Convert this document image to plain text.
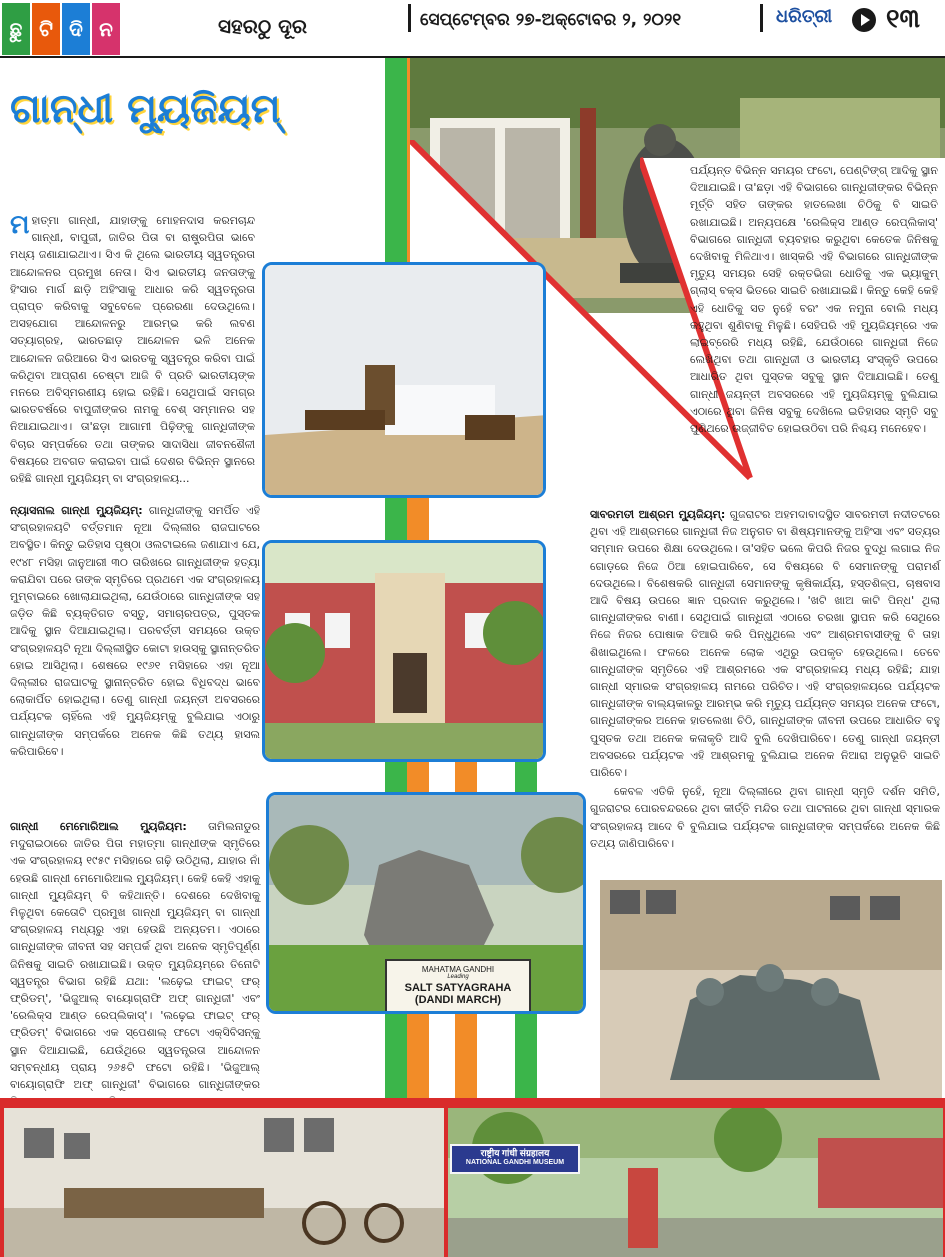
ଛୁ ଟି ଦି ନ	ସହରଠୁ ଦୂର	ସେପ୍ଟେମ୍ବର ୨୭-ଅକ୍ଟୋବର ୨, ୨୦୨୧	ଧରିତ୍ରୀ ୧୩
ଗାନ୍ଧୀ ମ୍ୟୁଜିୟମ୍
ମ ହାତ୍ମା ଗାନ୍ଧୀ, ଯାହାଙ୍କୁ ମୋହନଦାସ କରମଚାନ୍ଦ ଗାନ୍ଧୀ, ବାପୁଜୀ, ଜାତିର ପିତା ବା ରାଷ୍ଟ୍ରପିତା ଭାବେ ମଧ୍ୟ ଜଣାଯାଇଥାଏ। ସିଏ କି ଥିଲେ ଭାରତୀୟ ସ୍ୱତନ୍ତ୍ରତା ଆନ୍ଦୋଳନର ପ୍ରମୁଖ ନେତା। ସିଏ ଭାରତୀୟ ଜନତାଙ୍କୁ ହିଂସାର ମାର୍ଗ ଛାଡ଼ି ଅହିଂସାକୁ ଆଧାର କରି ସ୍ୱତନ୍ତ୍ରତା ପ୍ରାପ୍ତ କରିବାକୁ ସବୁବେଳେ ପ୍ରେରଣା ଦେଉଥିଲେ। ଅସହଯୋଗ ଆନ୍ଦୋଳନରୁ ଆରମ୍ଭ କରି ଲବଣ ସତ୍ୟାଗ୍ରହ, ଭାରତଛାଡ଼ ଆନ୍ଦୋଳନ ଭଳି ଅନେକ ଆନ୍ଦୋଳନ ଜରିଆରେ ସିଏ ଭାରତକୁ ସ୍ୱତନ୍ତ୍ର କରିବା ପାଇଁ କରିଥିବା ଆପ୍ରାଣ ଚେଷ୍ଟା ଆଜି ବି ପ୍ରତି ଭାରତୀୟଙ୍କ ମନରେ ଅବିସ୍ମରଣୀୟ ହୋଇ ରହିଛି। ସେଥିପାଇଁ ସମଗ୍ର ଭାରତବର୍ଷରେ ବାପୁଜୀଙ୍କର ନାମକୁ ବେଶ୍ ସମ୍ମାନର ସହ ନିଆଯାଇଥାଏ। ତା'ଛଡ଼ା ଆଗାମୀ ପିଢ଼ିଙ୍କୁ ଗାନ୍ଧିଜୀଙ୍କ ବିଚାର ସମ୍ପର୍କରେ ତଥା ତାଙ୍କର ସାଦାସିଧା ଜୀବନଶୈଳୀ ବିଷୟରେ ଅବଗତ କରାଇବା ପାଇଁ ଦେଶର ବିଭିନ୍ନ ସ୍ଥାନରେ ରହିଛି ଗାନ୍ଧୀ ମ୍ୟୁଜିୟମ୍ ବା ସଂଗ୍ରହାଳୟ...

MAHATMA GANDHI
Leading
SALT SATYAGRAHA (DANDI MARCH)

ନ୍ୟାସନାଲ ଗାନ୍ଧୀ ମ୍ୟୁଜିୟମ୍: ଗାନ୍ଧିଜୀଙ୍କୁ ସମର୍ପିତ ଏହି ସଂଗ୍ରହାଳୟଟି ବର୍ତ୍ତମାନ ନୂଆ ଦିଲ୍ଲୀର ରାଜଘାଟରେ ଅବସ୍ଥିତ। କିନ୍ତୁ ଇତିହାସ ପୃଷ୍ଠା ଓଲଟାଇଲେ ଜଣାଯାଏ ଯେ, ୧୯୪୮ ମସିହା ଜାନୁଆରୀ ୩୦ ତାରିଖରେ ଗାନ୍ଧିଜୀଙ୍କ ହତ୍ୟା କରାଯିବା ପରେ ତାଙ୍କ ସ୍ମୃତିରେ ପ୍ରଥମେ ଏକ ସଂଗ୍ରହାଳୟ ମୁମ୍ବାଇରେ ଖୋଲାଯାଇଥିଲା, ଯେଉଁଠାରେ ଗାନ୍ଧିଜୀଙ୍କ ସହ ଜଡ଼ିତ କିଛି ବ୍ୟକ୍ତିଗତ ବସ୍ତୁ, ସମାଚାରପତ୍ର, ପୁସ୍ତକ ଆଦିକୁ ସ୍ଥାନ ଦିଆଯାଇଥିଲା। ପରବର୍ତ୍ତୀ ସମୟରେ ଉକ୍ତ ସଂଗ୍ରହାଳୟଟି ନୂଆ ଦିଲ୍ଲୀସ୍ଥିତ କୋଟା ହାଉସ୍‌କୁ ସ୍ଥାନାନ୍ତରିତ ହୋଇ ଆସିଥିଲା। ଶେଷରେ ୧୯୬୧ ମସିହାରେ ଏହା ନୂଆ ଦିଲ୍ଲୀର ରାଜଘାଟକୁ ସ୍ଥାନାନ୍ତରିତ ହୋଇ ବିଧିବଦ୍ଧ ଭାବେ ଲୋକାର୍ପିତ ହୋଇଥିଲା। ତେଣୁ ଗାନ୍ଧୀ ଜୟନ୍ତୀ ଅବସରରେ ପର୍ଯ୍ୟଟକ ଚାହିଁଲେ ଏହି ମ୍ୟୁଜିୟମ୍‌କୁ ବୁଲିଯାଇ ଏଠାରୁ ଗାନ୍ଧିଜୀଙ୍କ ସମ୍ପର୍କରେ ଅନେକ କିଛି ତଥ୍ୟ ହାସଲ କରିପାରିବେ।

ଗାନ୍ଧୀ ମେମୋରିଆଲ ମ୍ୟୁଜିୟମ: ତାମିଲନାଡୁର ମଦୁରାଇଠାରେ ଜାତିର ପିତା ମହାତ୍ମା ଗାନ୍ଧୀଙ୍କ ସ୍ମୃତିରେ ଏକ ସଂଗ୍ରହାଳୟ ୧୯୫୯ ମସିହାରେ ଗଢ଼ି ଉଠିଥିଲା, ଯାହାର ନାଁ ହେଉଛି ଗାନ୍ଧୀ ମେମୋରିଆଲ ମ୍ୟୁଜିୟମ୍। କେହି କେହି ଏହାକୁ ଗାନ୍ଧୀ ମ୍ୟୁଜିୟମ୍ ବି କହିଥାନ୍ତି। ଦେଶରେ ଦେଖିବାକୁ ମିଳୁଥିବା କେତୋଟି ପ୍ରମୁଖ ଗାନ୍ଧୀ ମ୍ୟୁଜିୟମ୍ ବା ଗାନ୍ଧୀ ସଂଗ୍ରହାଳୟ ମଧ୍ୟରୁ ଏହା ହେଉଛି ଅନ୍ୟତମ। ଏଠାରେ ଗାନ୍ଧିଜୀଙ୍କ ଜୀବନୀ ସହ ସମ୍ପର୍କ ଥିବା ଅନେକ ସ୍ମୃତିପୂର୍ଣ୍ଣ ଜିନିଷକୁ ସାଇତି ରଖାଯାଇଛି। ଉକ୍ତ ମ୍ୟୁଜିୟମ୍‌ରେ ତିନୋଟି ସ୍ୱତନ୍ତ୍ର ବିଭାଗ ରହିଛି ଯଥା: 'ଲଢ଼େଇ ଫାଇଟ୍ ଫର୍ ଫ୍ରିଡମ୍', 'ଭିଜୁଆଲ୍ ବାୟୋଗ୍ରାଫି ଅଫ୍ ଗାନ୍ଧିଜୀ' ଏବଂ 'ରେଲିକ୍ସ ଆଣ୍ଡ ରେପ୍ଲିକାସ୍'। 'ଲଢ଼େଇ ଫାଇଟ୍ ଫର୍ ଫ୍ରିଡମ୍' ବିଭାଗରେ ଏକ ସ୍ପେଶାଲ୍ ଫଟୋ ଏକ୍ସିବିସନ୍‌କୁ ସ୍ଥାନ ଦିଆଯାଇଛି, ଯେଉଁଥିରେ ସ୍ୱତନ୍ତ୍ରତା ଆନ୍ଦୋଳନ ସମ୍ବନ୍ଧୀୟ ପ୍ରାୟ ୨୬୫ଟି ଫଟୋ ରହିଛି। 'ଭିଜୁଆଲ୍ ବାୟୋଗ୍ରାଫି ଅଫ୍ ଗାନ୍ଧିଜୀ' ବିଭାଗରେ ଗାନ୍ଧିଜୀଙ୍କର

ପର୍ଯ୍ୟନ୍ତ ବିଭିନ୍ନ ସମୟର ଫଟୋ, ପେଣ୍ଟିଙ୍ଗ୍ ଆଦିକୁ ସ୍ଥାନ ଦିଆଯାଇଛି। ତା'ଛଡ଼ା ଏହି ବିଭାଗରେ ଗାନ୍ଧିଜୀଙ୍କର ବିଭିନ୍ନ ମୂର୍ତ୍ତି ସହିତ ତାଙ୍କର ହାତଲେଖା ଚିଠିକୁ ବି ସାଇତି ରଖାଯାଇଛି। ଅନ୍ୟପକ୍ଷେ 'ରେଲିକ୍ସ ଆଣ୍ଡ ରେପ୍ଲିକାସ୍' ବିଭାଗରେ ଗାନ୍ଧିଜୀ ବ୍ୟବହାର କରୁଥିବା କେତେକ ଜିନିଷକୁ ଦେଖିବାକୁ ମିଳିଥାଏ। ଖାସ୍‌କରି ଏହି ବିଭାଗରେ ଗାନ୍ଧିଜୀଙ୍କ ମୃତ୍ୟୁ ସମୟର ସେହି ରକ୍ତଭିଜା ଧୋତିକୁ ଏକ ଭ୍ୟାକୁମ୍ ଗ୍ଲାସ୍ ବକ୍ସ ଭିତରେ ସାଇତି ରଖାଯାଇଛି। କିନ୍ତୁ କେହି କେହି ଏହି ଧୋତିକୁ ସତ ନୁହେଁ ବରଂ ଏକ ନମୁନା ବୋଲି ମଧ୍ୟ କହୁଥିବା ଶୁଣିବାକୁ ମିଳୁଛି। ସେହିପରି ଏହି ମ୍ୟୁଜିୟମ୍‌ରେ ଏକ ଲାଇବ୍ରେରି ମଧ୍ୟ ରହିଛି, ଯେଉଁଠାରେ ଗାନ୍ଧିଜୀ ନିଜେ ଲେଖିଥିବା ତଥା ଗାନ୍ଧିଜୀ ଓ ଭାରତୀୟ ସଂସ୍କୃତି ଉପରେ ଆଧାରିତ ଥିବା ପୁସ୍ତକ ସବୁକୁ ସ୍ଥାନ ଦିଆଯାଇଛି। ତେଣୁ ଗାନ୍ଧୀ ଜୟନ୍ତୀ ଅବସରରେ ଏହି ମ୍ୟୁଜିୟମ୍‌କୁ ବୁଲିଯାଇ ଏଠାରେ ଥିବା ଜିନିଷ ସବୁକୁ ଦେଖିଲେ ଇତିହାସର ସ୍ମୃତି ସବୁ ପୁଣିଥରେ ଉଜ୍ଜୀବିତ ହୋଇଉଠିବା ପରି ନିଶ୍ଚୟ ମନେହେବ।

ସାବରମତୀ ଆଶ୍ରମ ମ୍ୟୁଜିୟମ୍: ଗୁଜରାଟର ଅହମଦାବାଦସ୍ଥିତ ସାବରମତୀ ନଦୀତଟରେ ଥିବା ଏହି ଆଶ୍ରମରେ ଗାନ୍ଧିଜୀ ନିଜ ଅନୁଗତ ବା ଶିଷ୍ୟମାନଙ୍କୁ ଅହିଂସା ଏବଂ ସତ୍ୟର ସମ୍ମାନ ଉପରେ ଶିକ୍ଷା ଦେଉଥିଲେ। ତା'ସହିତ ଭଲେ କିପରି ନିଜର ବୁଦ୍ଧି ଲଗାଇ ନିଜ ଗୋଡ଼ରେ ନିଜେ ଠିଆ ହୋଇପାରିବେ, ସେ ବିଷୟରେ ବି ସେମାନଙ୍କୁ ପରାମର୍ଶ ଦେଉଥିଲେ। ବିଶେଷକରି ଗାନ୍ଧିଜୀ ସେମାନଙ୍କୁ କୃଷିକାର୍ଯ୍ୟ, ହସ୍ତଶିଳ୍ପ, ଚାଷବାସ ଆଦି ବିଷୟ ଉପରେ ଜ୍ଞାନ ପ୍ରଦାନ କରୁଥିଲେ। 'ଖଟି ଖାଅ କାଟି ପିନ୍ଧ' ଥିଲା ଗାନ୍ଧିଜୀଙ୍କର ବାଣୀ। ସେଥିପାଇଁ ଗାନ୍ଧିଜୀ ଏଠାରେ ଚରଖା ସ୍ଥାପନ କରି ସେଥିରେ ନିଜେ ନିଜର ପୋଷାକ ତିଆରି କରି ପିନ୍ଧୁଥିଲେ ଏବଂ ଆଶ୍ରମବାସୀଙ୍କୁ ବି ତାହା ଶିଖାଇଥିଲେ। ଫଳରେ ଅନେକ ଲୋକ ଏଥିରୁ ଉପକୃତ ହେଉଥିଲେ। ତେବେ ଗାନ୍ଧିଜୀଙ୍କ ସ୍ମୃତିରେ ଏହି ଆଶ୍ରମରେ ଏକ ସଂଗ୍ରହାଳୟ ମଧ୍ୟ ରହିଛି; ଯାହା ଗାନ୍ଧୀ ସ୍ମାରକ ସଂଗ୍ରହାଳୟ ନାମରେ ପରିଚିତ। ଏହି ସଂଗ୍ରହାଳୟରେ ପର୍ଯ୍ୟଟକ ଗାନ୍ଧିଜୀଙ୍କ ବାଲ୍ୟକାଳରୁ ଆରମ୍ଭ କରି ମୃତ୍ୟୁ ପର୍ଯ୍ୟନ୍ତ ସମୟର ଅନେକ ଫଟୋ, ଗାନ୍ଧିଜୀଙ୍କର ଅନେକ ହାତଲେଖା ଚିଠି, ଗାନ୍ଧିଜୀଙ୍କ ଜୀବନୀ ଉପରେ ଆଧାରିତ ବହୁ ପୁସ୍ତକ ତଥା ଅନେକ କଳାକୃତି ଆଦି ବୁଲି ଦେଖିପାରିବେ। ତେଣୁ ଗାନ୍ଧୀ ଜୟନ୍ତୀ ଅବସରରେ ପର୍ଯ୍ୟଟକ ଏହି ଆଶ୍ରମକୁ ବୁଲିଯାଇ ଅନେକ ନିଆରା ଅନୁଭୂତି ସାଇତି ପାରିବେ।

କେବଳ ଏତିକି ନୁହେଁ, ନୂଆ ଦିଲ୍ଲୀରେ ଥିବା ଗାନ୍ଧୀ ସ୍ମୃତି ଦର୍ଶନ ସମିତି, ଗୁଜରାଟର ପୋରବନ୍ଦରରେ ଥିବା କୀର୍ତ୍ତି ମନ୍ଦିର ତଥା ପାଟନାରେ ଥିବା ଗାନ୍ଧୀ ସ୍ମାରକ ସଂଗ୍ରହାଳୟ ଆଦେ ବି ବୁଲିଯାଇ ପର୍ଯ୍ୟଟକ ଗାନ୍ଧିଜୀଙ୍କ ସମ୍ପର୍କରେ ଅନେକ କିଛି ତଥ୍ୟ ଜାଣିପାରିବେ।

राष्ट्रीय गांधी संग्रहालय
NATIONAL GANDHI MUSEUM
